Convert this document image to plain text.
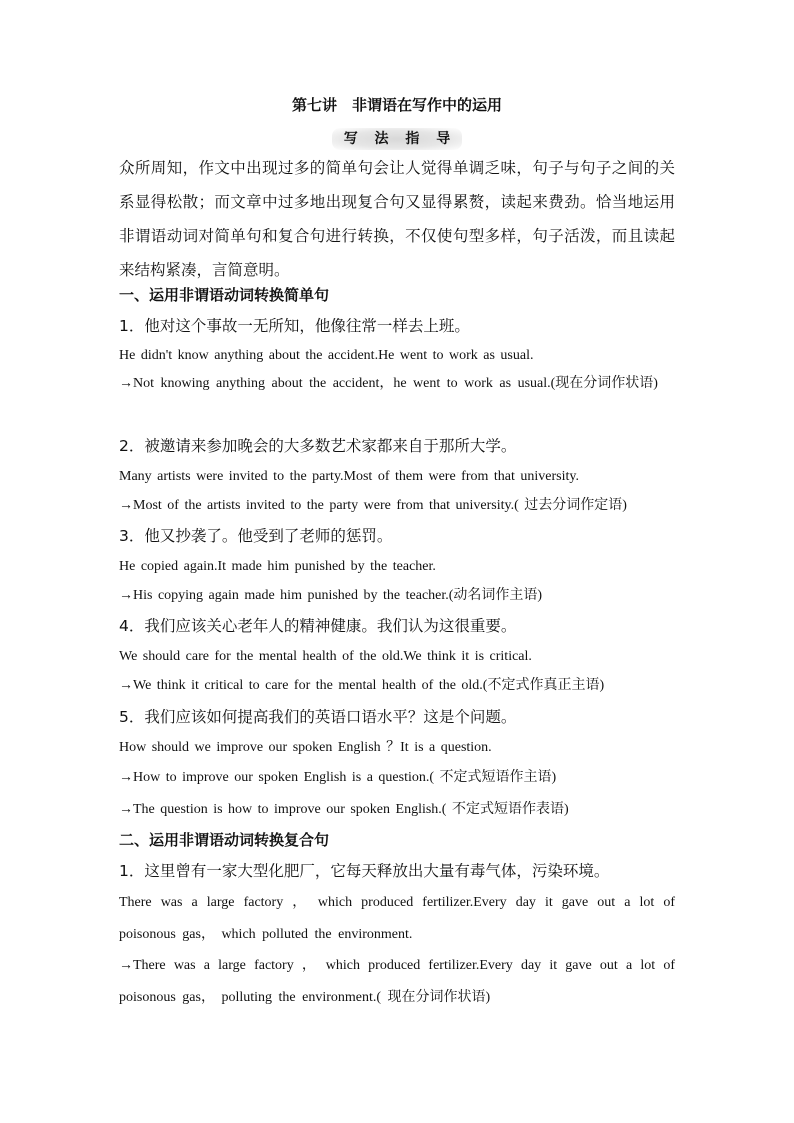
第七讲　非谓语在写作中的运用
写 法 指 导
众所周知，作文中出现过多的简单句会让人觉得单调乏味，句子与句子之间的关系显得松散；而文章中过多地出现复合句又显得累赘，读起来费劲。恰当地运用非谓语动词对简单句和复合句进行转换，不仅使句型多样，句子活泼，而且读起来结构紧凑，言简意明。
一、运用非谓语动词转换简单句
1．他对这个事故一无所知，他像往常一样去上班。
He didn't know anything about the accident.He went to work as usual.
→Not knowing anything about the accident，he went to work as usual.(现在分词作状语)
2．被邀请来参加晚会的大多数艺术家都来自于那所大学。
Many artists were invited to the party.Most of them were from that university.
→Most of the artists invited to the party were from that university.( 过去分词作定语)
3．他又抄袭了。他受到了老师的惩罚。
He copied again.It made him punished by the teacher.
→His copying again made him punished by the teacher.(动名词作主语)
4．我们应该关心老年人的精神健康。我们认为这很重要。
We should care for the mental health of the old.We think it is critical.
→We think it critical to care for the mental health of the old.(不定式作真正主语)
5．我们应该如何提高我们的英语口语水平？这是个问题。
How should we improve our spoken English ？It is a question.
→How to improve our spoken English is a question.( 不定式短语作主语)
→The question is how to improve our spoken English.( 不定式短语作表语)
二、运用非谓语动词转换复合句
1．这里曾有一家大型化肥厂，它每天释放出大量有毒气体，污染环境。
There was a large factory ， which produced fertilizer.Every day it gave out a lot of poisonous gas， which polluted the environment.
→There was a large factory ， which produced fertilizer.Every day it gave out a lot of poisonous gas， polluting the environment.( 现在分词作状语)
